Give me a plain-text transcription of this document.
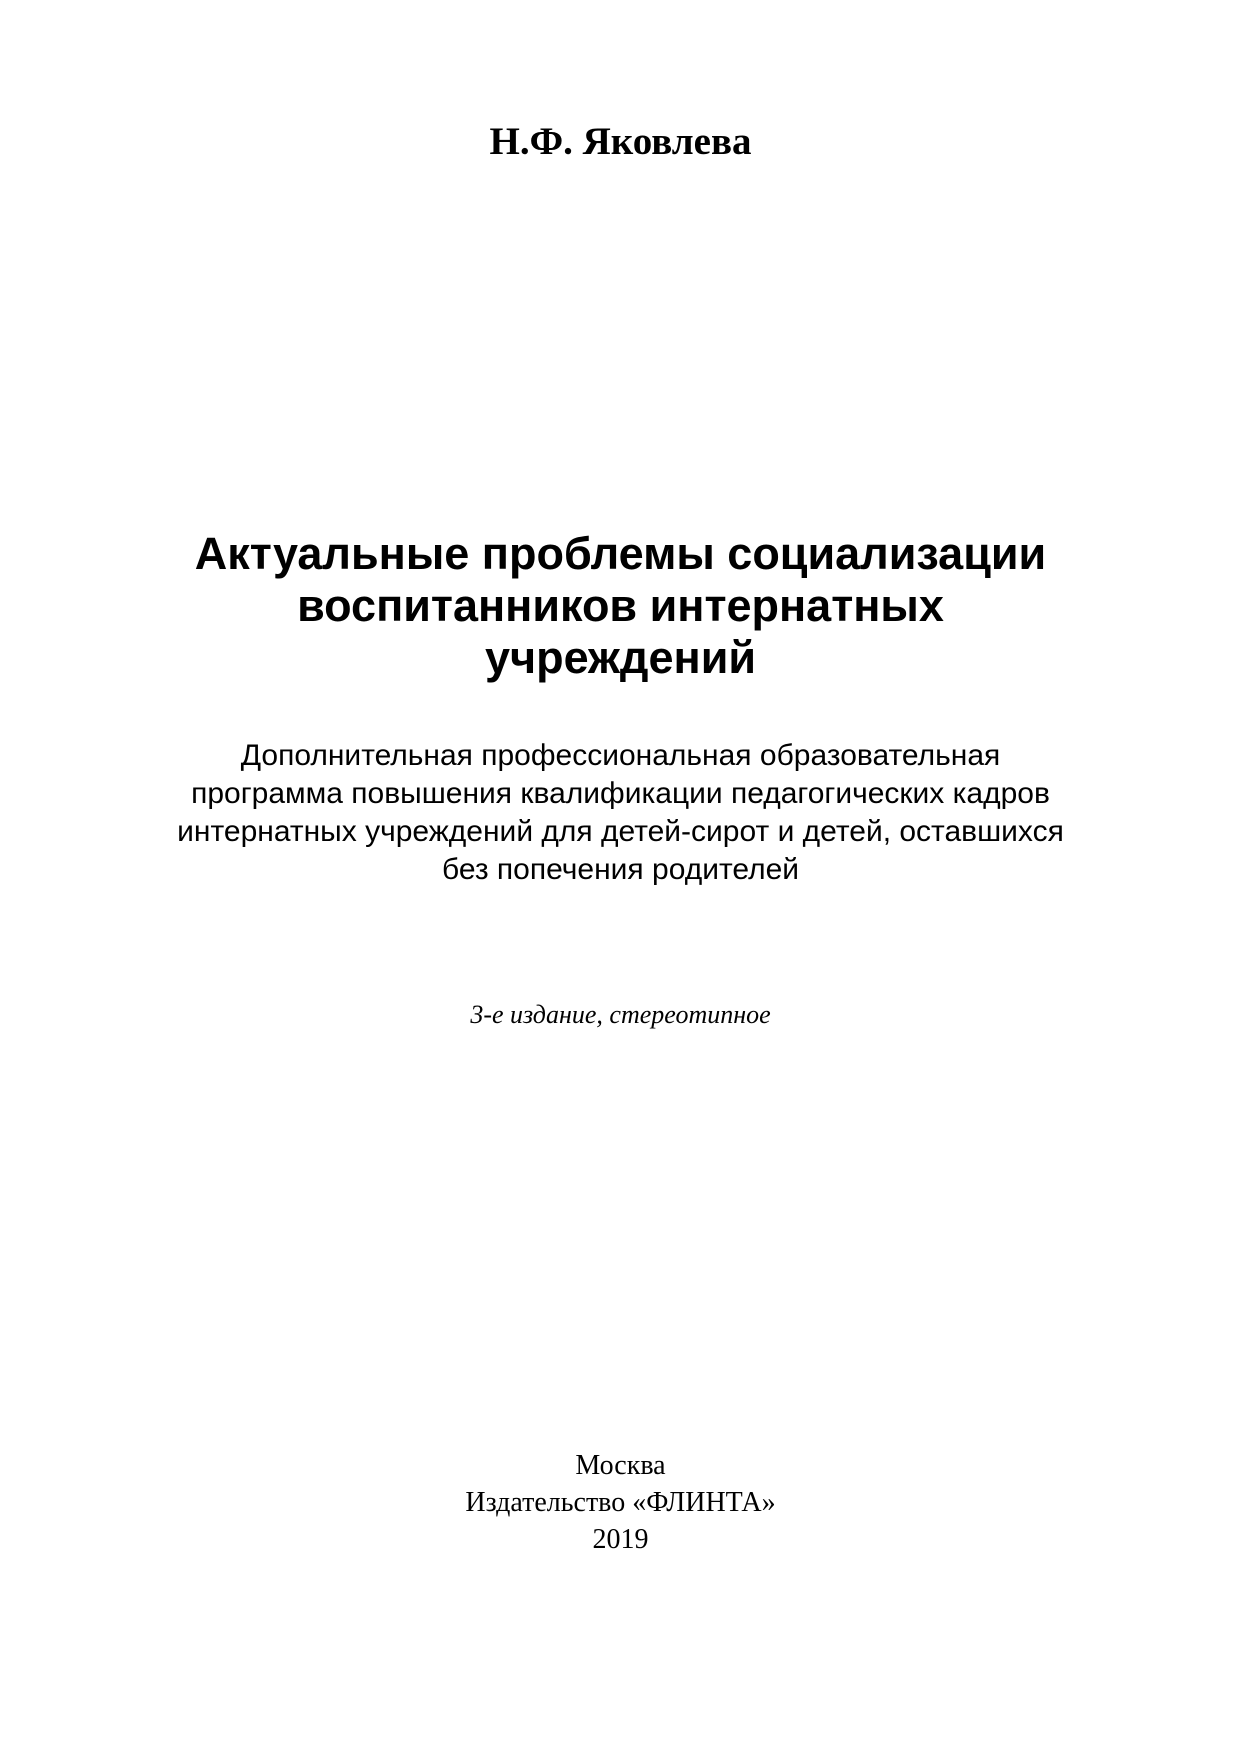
Н.Ф. Яковлева
Актуальные проблемы социализации
воспитанников интернатных
учреждений
Дополнительная профессиональная образовательная
программа повышения квалификации педагогических кадров
интернатных учреждений для детей-сирот и детей, оставшихся
без попечения родителей
3-е издание, стереотипное
Москва
Издательство «ФЛИНТА»
2019
